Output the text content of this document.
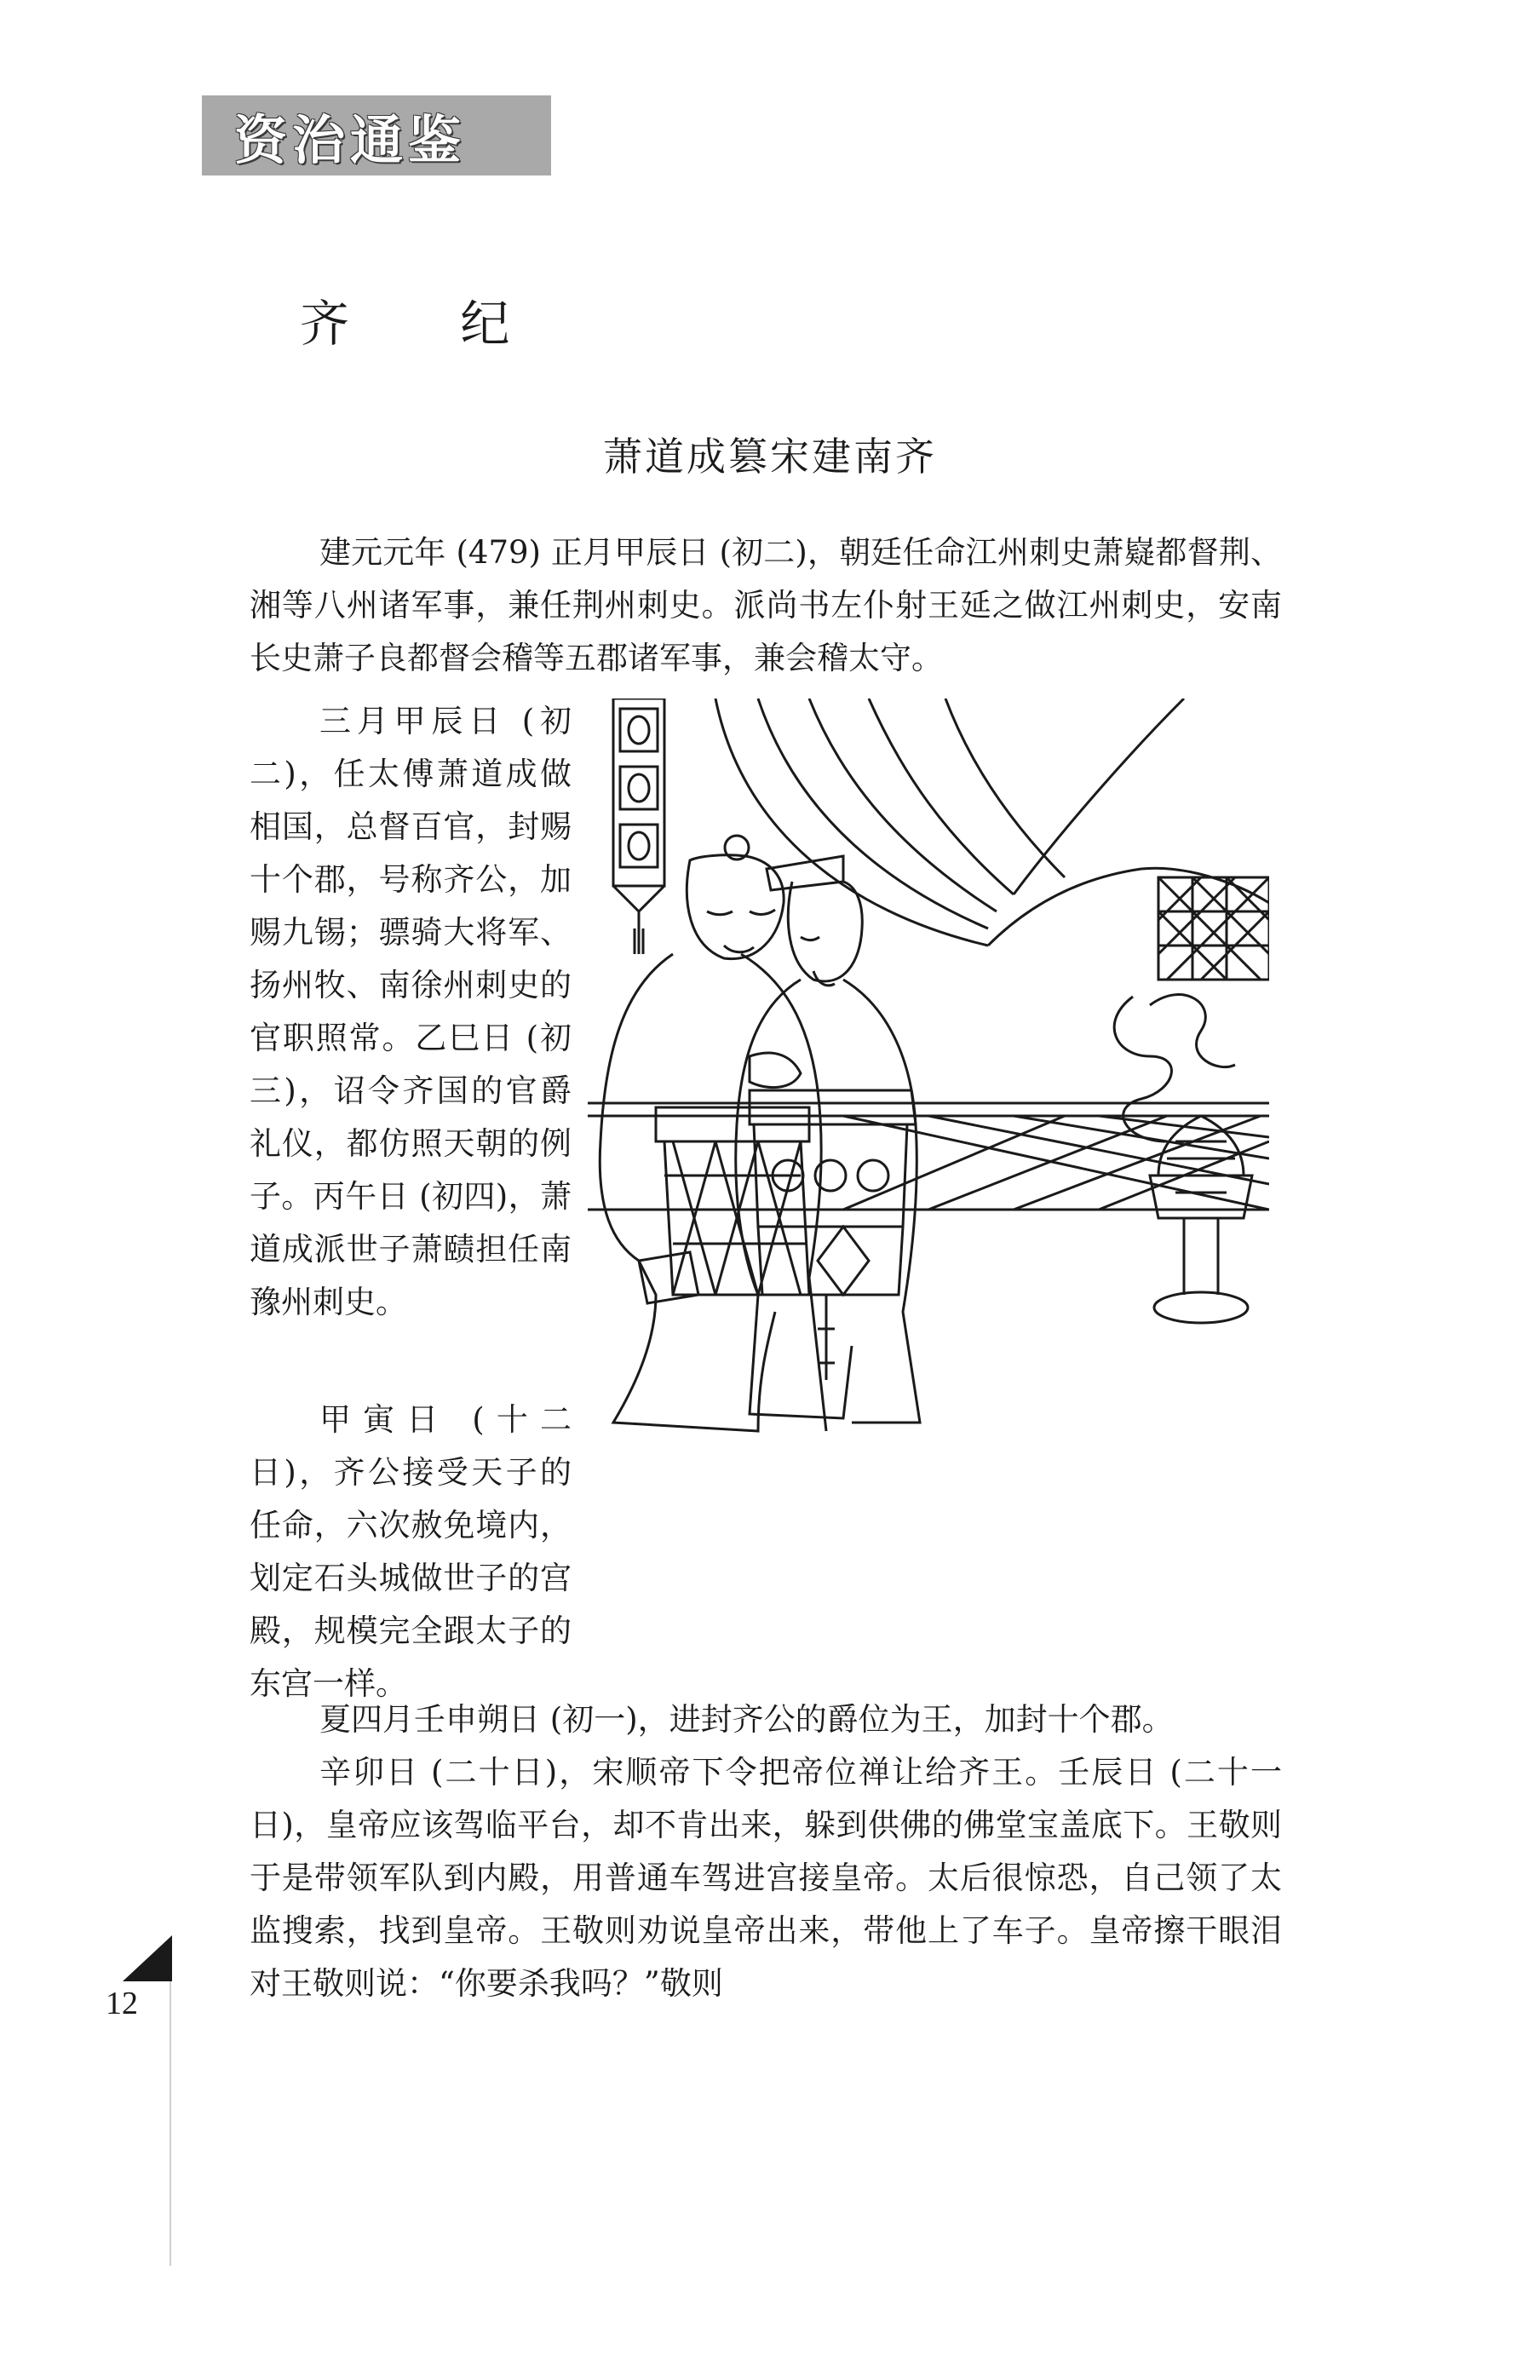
资治通鉴
齐 纪
萧道成篡宋建南齐

建元元年 (479) 正月甲辰日 (初二)，朝廷任命江州刺史萧嶷都督荆、湘等八州诸军事，兼任荆州刺史。派尚书左仆射王延之做江州刺史，安南长史萧子良都督会稽等五郡诸军事，兼会稽太守。

三月甲辰日 (初二)，任太傅萧道成做相国，总督百官，封赐十个郡，号称齐公，加赐九锡；骠骑大将军、扬州牧、南徐州刺史的官职照常。乙巳日 (初三)，诏令齐国的官爵礼仪，都仿照天朝的例子。丙午日 (初四)，萧道成派世子萧赜担任南豫州刺史。

甲寅日 (十二日)，齐公接受天子的任命，六次赦免境内，划定石头城做世子的宫殿，规模完全跟太子的东宫一样。

夏四月壬申朔日 (初一)，进封齐公的爵位为王，加封十个郡。

辛卯日 (二十日)，宋顺帝下令把帝位禅让给齐王。壬辰日 (二十一日)，皇帝应该驾临平台，却不肯出来，躲到供佛的佛堂宝盖底下。王敬则于是带领军队到内殿，用普通车驾进宫接皇帝。太后很惊恐，自己领了太监搜索，找到皇帝。王敬则劝说皇帝出来，带他上了车子。皇帝擦干眼泪对王敬则说：“你要杀我吗？”敬则

12
